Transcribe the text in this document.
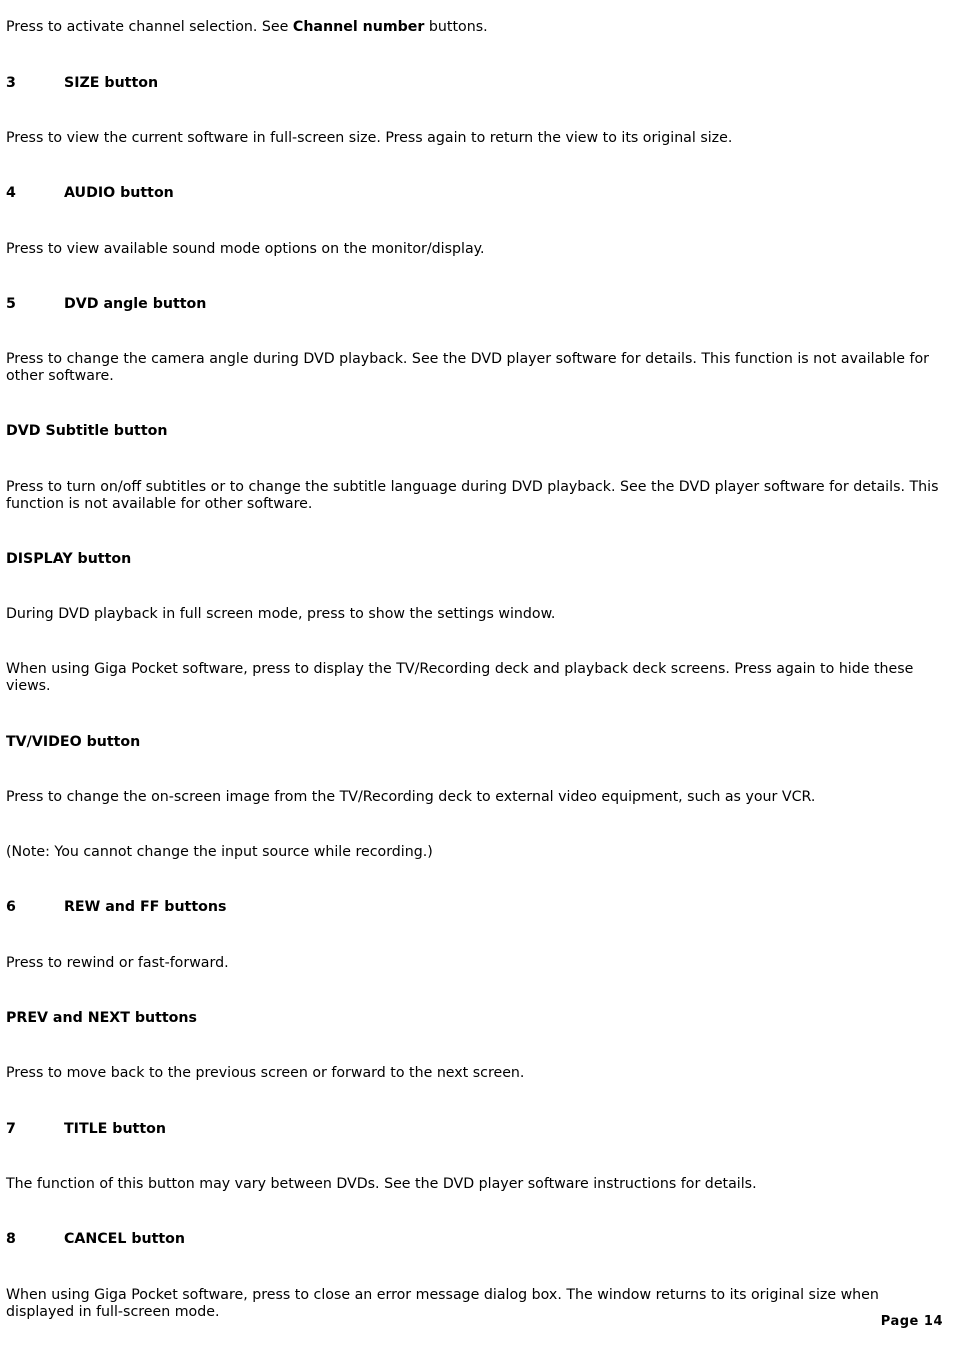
Press to activate channel selection. See Channel number buttons.
3	SIZE button
Press to view the current software in full-screen size. Press again to return the view to its original size.
4	AUDIO button
Press to view available sound mode options on the monitor/display.
5	DVD angle button
Press to change the camera angle during DVD playback. See the DVD player software for details. This function is not available for other software.
DVD Subtitle button
Press to turn on/off subtitles or to change the subtitle language during DVD playback. See the DVD player software for details. This function is not available for other software.
DISPLAY button
During DVD playback in full screen mode, press to show the settings window.
When using Giga Pocket software, press to display the TV/Recording deck and playback deck screens. Press again to hide these views.
TV/VIDEO button
Press to change the on-screen image from the TV/Recording deck to external video equipment, such as your VCR.
(Note: You cannot change the input source while recording.)
6	REW and FF buttons
Press to rewind or fast-forward.
PREV and NEXT buttons
Press to move back to the previous screen or forward to the next screen.
7	TITLE button
The function of this button may vary between DVDs. See the DVD player software instructions for details.
8	CANCEL button
When using Giga Pocket software, press to close an error message dialog box. The window returns to its original size when displayed in full-screen mode.
Page 14
